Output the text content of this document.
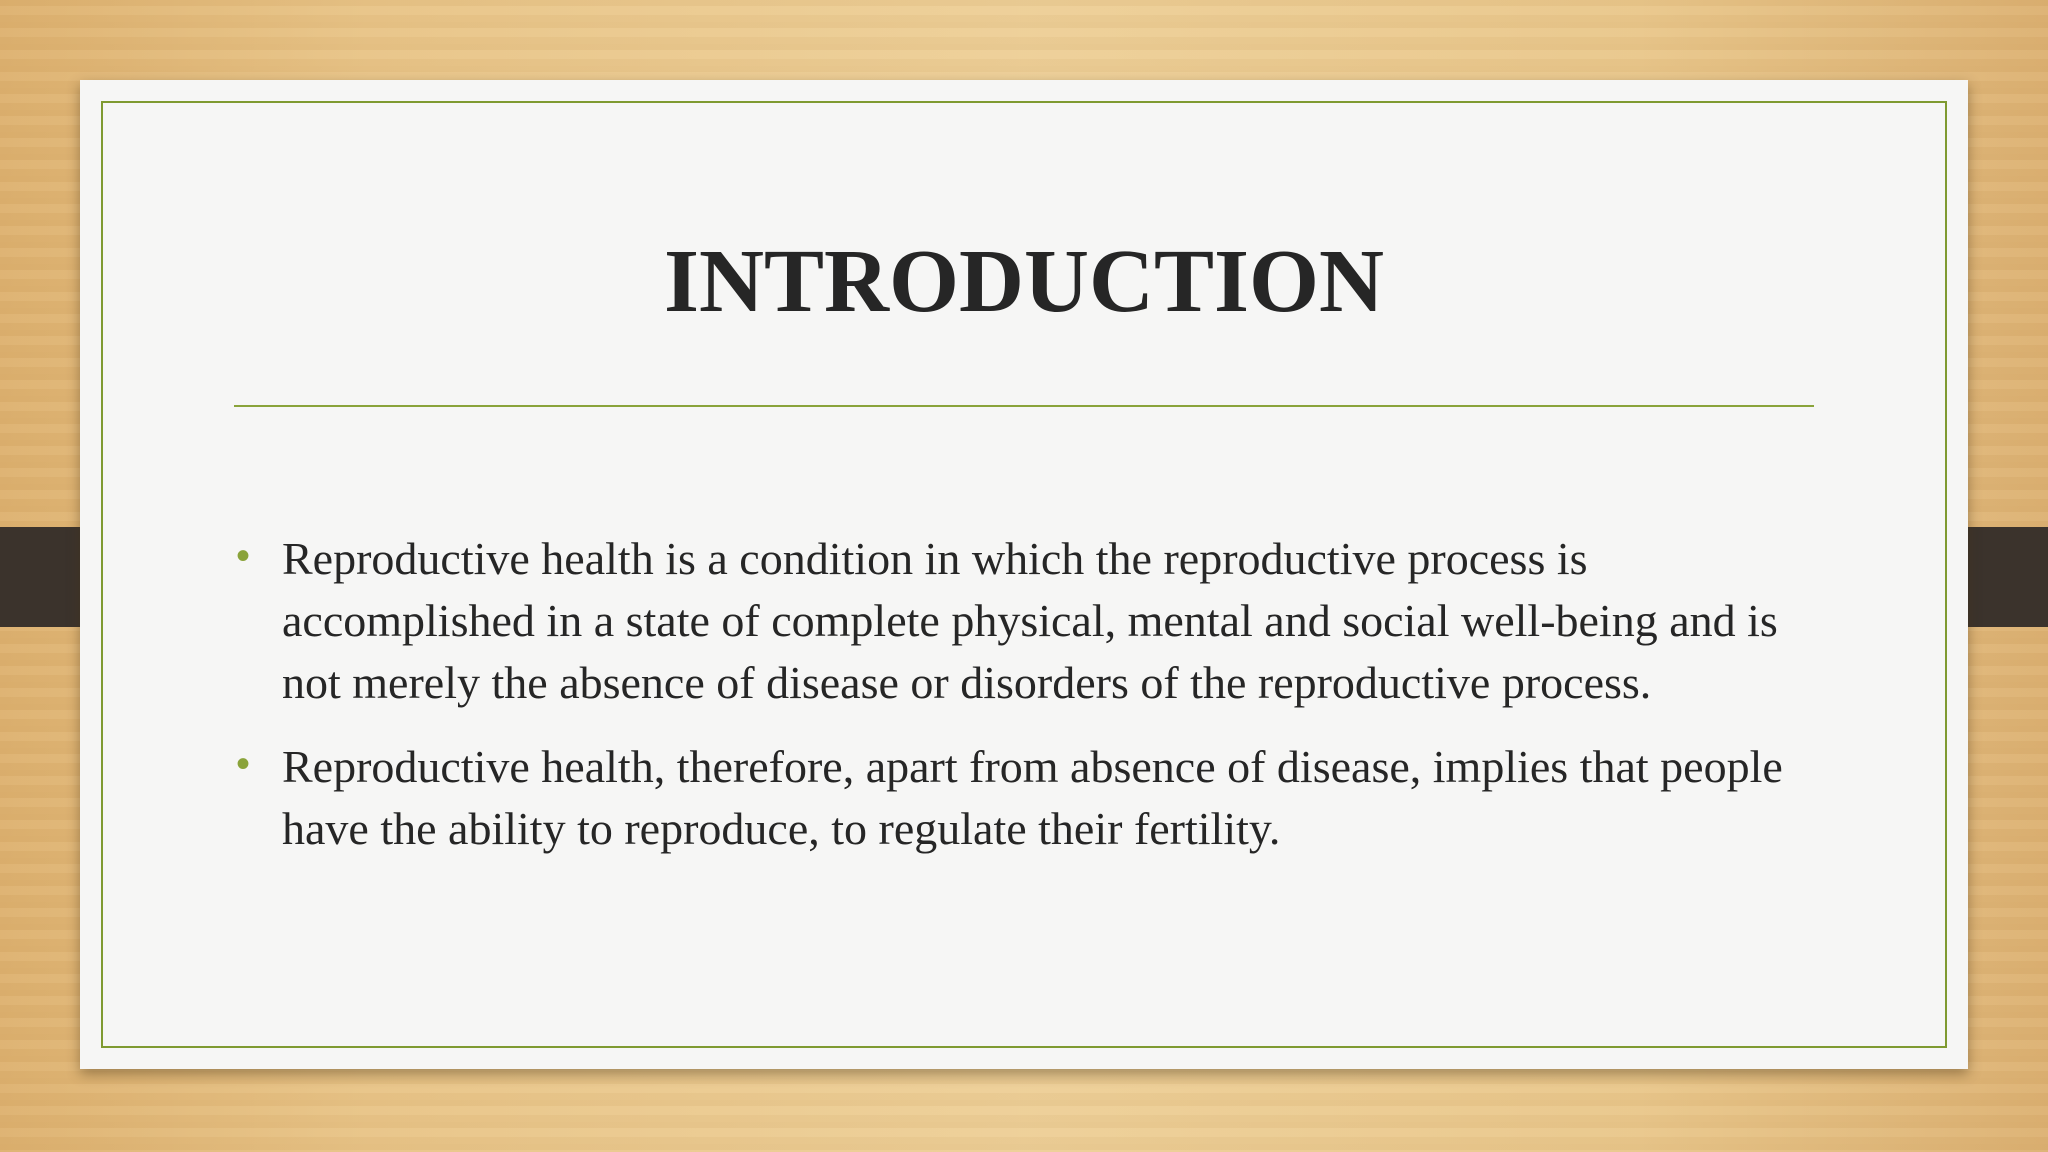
INTRODUCTION
• Reproductive health is a condition in which the reproductive process is accomplished in a state of complete physical, mental and social well-being and is not merely the absence of disease or disorders of the reproductive process.
• Reproductive health, therefore, apart from absence of disease, implies that people have the ability to reproduce, to regulate their fertility.
